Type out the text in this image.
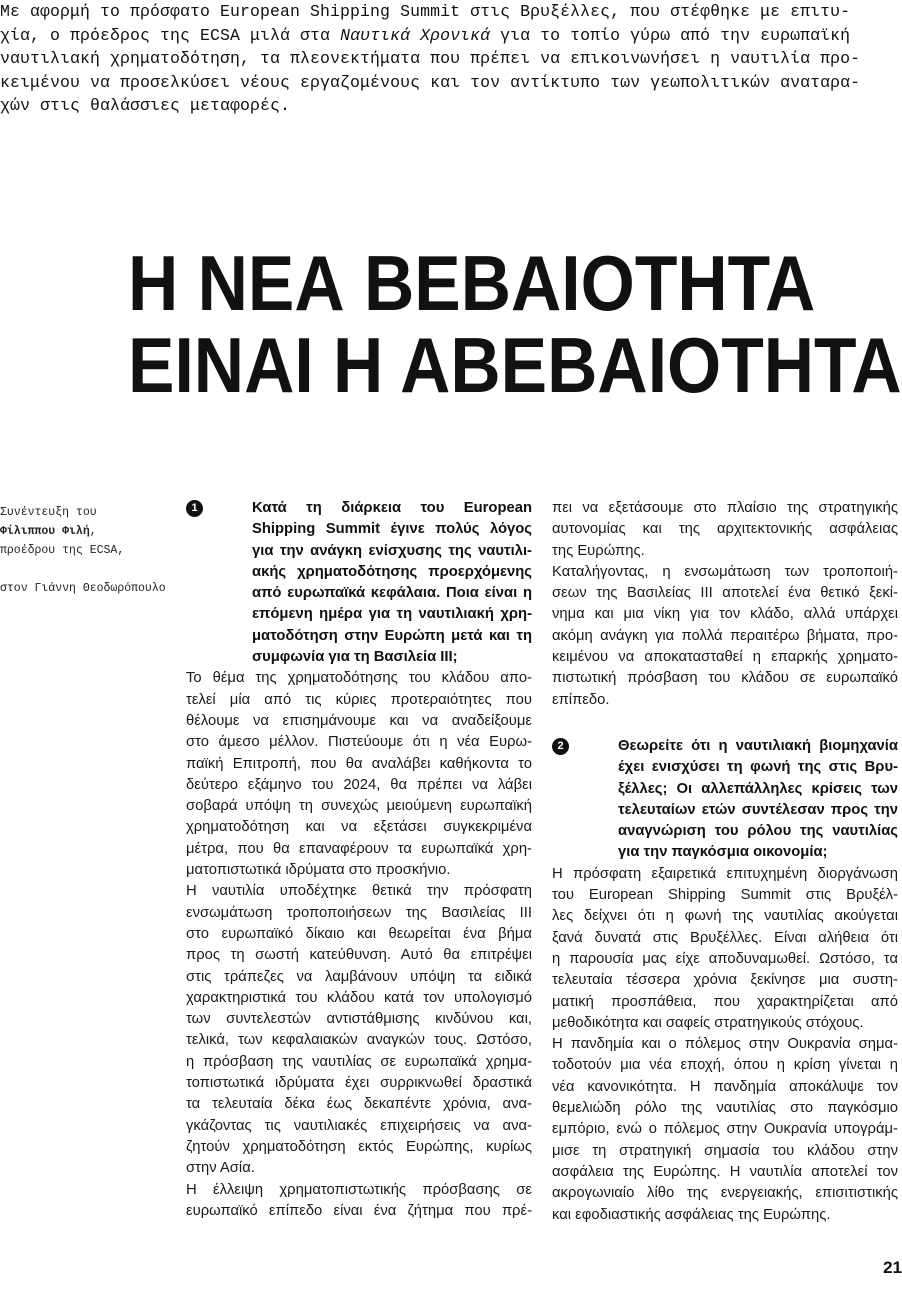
Με αφορμή το πρόσφατο European Shipping Summit στις Βρυξέλλες, που στέφθηκε με επιτυ-
χία, ο πρόεδρος της ECSA μιλά στα Ναυτικά Χρονικά για το τοπίο γύρω από την ευρωπαϊκή
ναυτιλιακή χρηματοδότηση, τα πλεονεκτήματα που πρέπει να επικοινωνήσει η ναυτιλία προ-
κειμένου να προσελκύσει νέους εργαζομένους και τον αντίκτυπο των γεωπολιτικών αναταρα-
χών στις θαλάσσιες μεταφορές.
Η ΝΕΑ ΒΕΒΑΙΟΤΗΤΑ
ΕΙΝΑΙ Η ΑΒΕΒΑΙΟΤΗΤΑ

Συνέντευξη του

Φίλιππου Φιλή,

προέδρου της ECSA,

στον Γιάννη Θεοδωρόπουλο

1	Κατά τη διάρκεια του European
Shipping Summit έγινε πολύς λόγος
για την ανάγκη ενίσχυσης της ναυτιλι-
ακής χρηματοδότησης προερχόμενης
από ευρωπαϊκά κεφάλαια. Ποια είναι η
επόμενη ημέρα για τη ναυτιλιακή χρη-
ματοδότηση στην Ευρώπη μετά και τη
συμφωνία για τη Βασιλεία ΙΙΙ;
Το θέμα της χρηματοδότησης του κλάδου απο-
τελεί μία από τις κύριες προτεραιότητες που
θέλουμε να επισημάνουμε και να αναδείξουμε
στο άμεσο μέλλον. Πιστεύουμε ότι η νέα Ευρω-
παϊκή Επιτροπή, που θα αναλάβει καθήκοντα το
δεύτερο εξάμηνο του 2024, θα πρέπει να λάβει
σοβαρά υπόψη τη συνεχώς μειούμενη ευρωπαϊκή
χρηματοδότηση και να εξετάσει συγκεκριμένα
μέτρα, που θα επαναφέρουν τα ευρωπαϊκά χρη-
ματοπιστωτικά ιδρύματα στο προσκήνιο.
Η ναυτιλία υποδέχτηκε θετικά την πρόσφατη
ενσωμάτωση τροποποιήσεων της Βασιλείας ΙΙΙ
στο ευρωπαϊκό δίκαιο και θεωρείται ένα βήμα
προς τη σωστή κατεύθυνση. Αυτό θα επιτρέψει
στις τράπεζες να λαμβάνουν υπόψη τα ειδικά
χαρακτηριστικά του κλάδου κατά τον υπολογισμό
των συντελεστών αντιστάθμισης κινδύνου και,
τελικά, των κεφαλαιακών αναγκών τους. Ωστόσο,
η πρόσβαση της ναυτιλίας σε ευρωπαϊκά χρημα-
τοπιστωτικά ιδρύματα έχει συρρικνωθεί δραστικά
τα τελευταία δέκα έως δεκαπέντε χρόνια, ανα-
γκάζοντας τις ναυτιλιακές επιχειρήσεις να ανα-
ζητούν χρηματοδότηση εκτός Ευρώπης, κυρίως
στην Ασία.
Η έλλειψη χρηματοπιστωτικής πρόσβασης σε
ευρωπαϊκό επίπεδο είναι ένα ζήτημα που πρέ-
πει να εξετάσουμε στο πλαίσιο της στρατηγικής
αυτονομίας και της αρχιτεκτονικής ασφάλειας
της Ευρώπης.
Καταλήγοντας, η ενσωμάτωση των τροποποιή-
σεων της Βασιλείας ΙΙΙ αποτελεί ένα θετικό ξεκί-
νημα και μια νίκη για τον κλάδο, αλλά υπάρχει
ακόμη ανάγκη για πολλά περαιτέρω βήματα, προ-
κειμένου να αποκατασταθεί η επαρκής χρηματο-
πιστωτική πρόσβαση του κλάδου σε ευρωπαϊκό
επίπεδο.
2	Θεωρείτε ότι η ναυτιλιακή βιομηχανία
έχει ενισχύσει τη φωνή της στις Βρυ-
ξέλλες; Οι αλλεπάλληλες κρίσεις των
τελευταίων ετών συντέλεσαν προς την
αναγνώριση του ρόλου της ναυτιλίας
για την παγκόσμια οικονομία;
Η πρόσφατη εξαιρετικά επιτυχημένη διοργάνωση
του European Shipping Summit στις Βρυξέλ-
λες δείχνει ότι η φωνή της ναυτιλίας ακούγεται
ξανά δυνατά στις Βρυξέλλες. Είναι αλήθεια ότι
η παρουσία μας είχε αποδυναμωθεί. Ωστόσο, τα
τελευταία τέσσερα χρόνια ξεκίνησε μια συστη-
ματική προσπάθεια, που χαρακτηρίζεται από
μεθοδικότητα και σαφείς στρατηγικούς στόχους.
Η πανδημία και ο πόλεμος στην Ουκρανία σημα-
τοδοτούν μια νέα εποχή, όπου η κρίση γίνεται η
νέα κανονικότητα. Η πανδημία αποκάλυψε τον
θεμελιώδη ρόλο της ναυτιλίας στο παγκόσμιο
εμπόριο, ενώ ο πόλεμος στην Ουκρανία υπογράμ-
μισε τη στρατηγική σημασία του κλάδου στην
ασφάλεια της Ευρώπης. Η ναυτιλία αποτελεί τον
ακρογωνιαίο λίθο της ενεργειακής, επισιτιστικής
και εφοδιαστικής ασφάλειας της Ευρώπης.
21
